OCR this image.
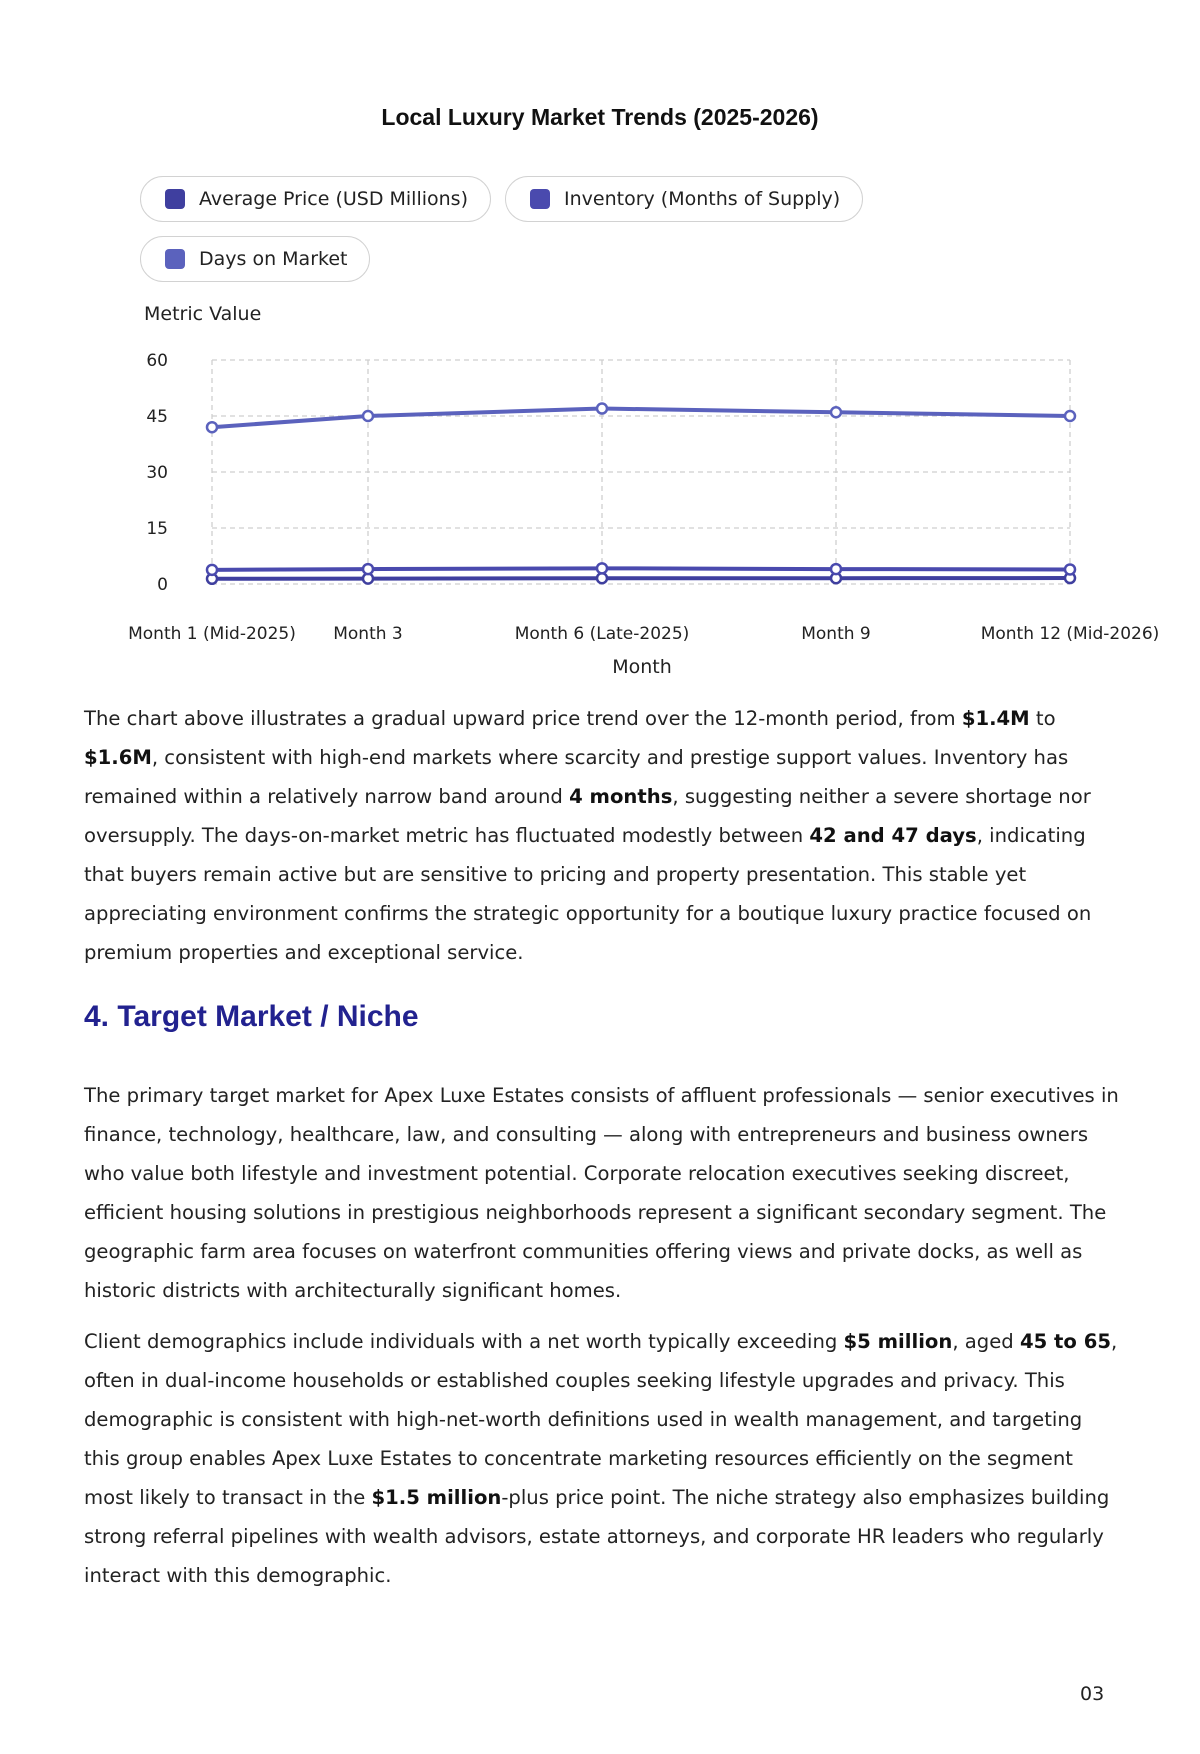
Local Luxury Market Trends (2025-2026)
Average Price (USD Millions)	Inventory (Months of Supply)
Days on Market
Metric Value
0
15
30
45
60
Month 1 (Mid-2025) Month 3	Month 6 (Late-2025)	Month 9	Month 12 (Mid-2026)
Month

The chart above illustrates a gradual upward price trend over the 12-month period, from $1.4M to $1.6M, consistent with high-end markets where scarcity and prestige support values. Inventory has remained within a relatively narrow band around 4 months, suggesting neither a severe shortage nor oversupply. The days-on-market metric has fluctuated modestly between 42 and 47 days, indicating that buyers remain active but are sensitive to pricing and property presentation. This stable yet appreciating environment confirms the strategic opportunity for a boutique luxury practice focused on premium properties and exceptional service.

4. Target Market / Niche

The primary target market for Apex Luxe Estates consists of affluent professionals — senior executives in finance, technology, healthcare, law, and consulting — along with entrepreneurs and business owners who value both lifestyle and investment potential. Corporate relocation executives seeking discreet, efficient housing solutions in prestigious neighborhoods represent a significant secondary segment. The geographic farm area focuses on waterfront communities offering views and private docks, as well as historic districts with architecturally significant homes.

Client demographics include individuals with a net worth typically exceeding $5 million, aged 45 to 65, often in dual-income households or established couples seeking lifestyle upgrades and privacy. This demographic is consistent with high-net-worth definitions used in wealth management, and targeting this group enables Apex Luxe Estates to concentrate marketing resources efficiently on the segment most likely to transact in the $1.5 million-plus price point. The niche strategy also emphasizes building strong referral pipelines with wealth advisors, estate attorneys, and corporate HR leaders who regularly interact with this demographic.

03
